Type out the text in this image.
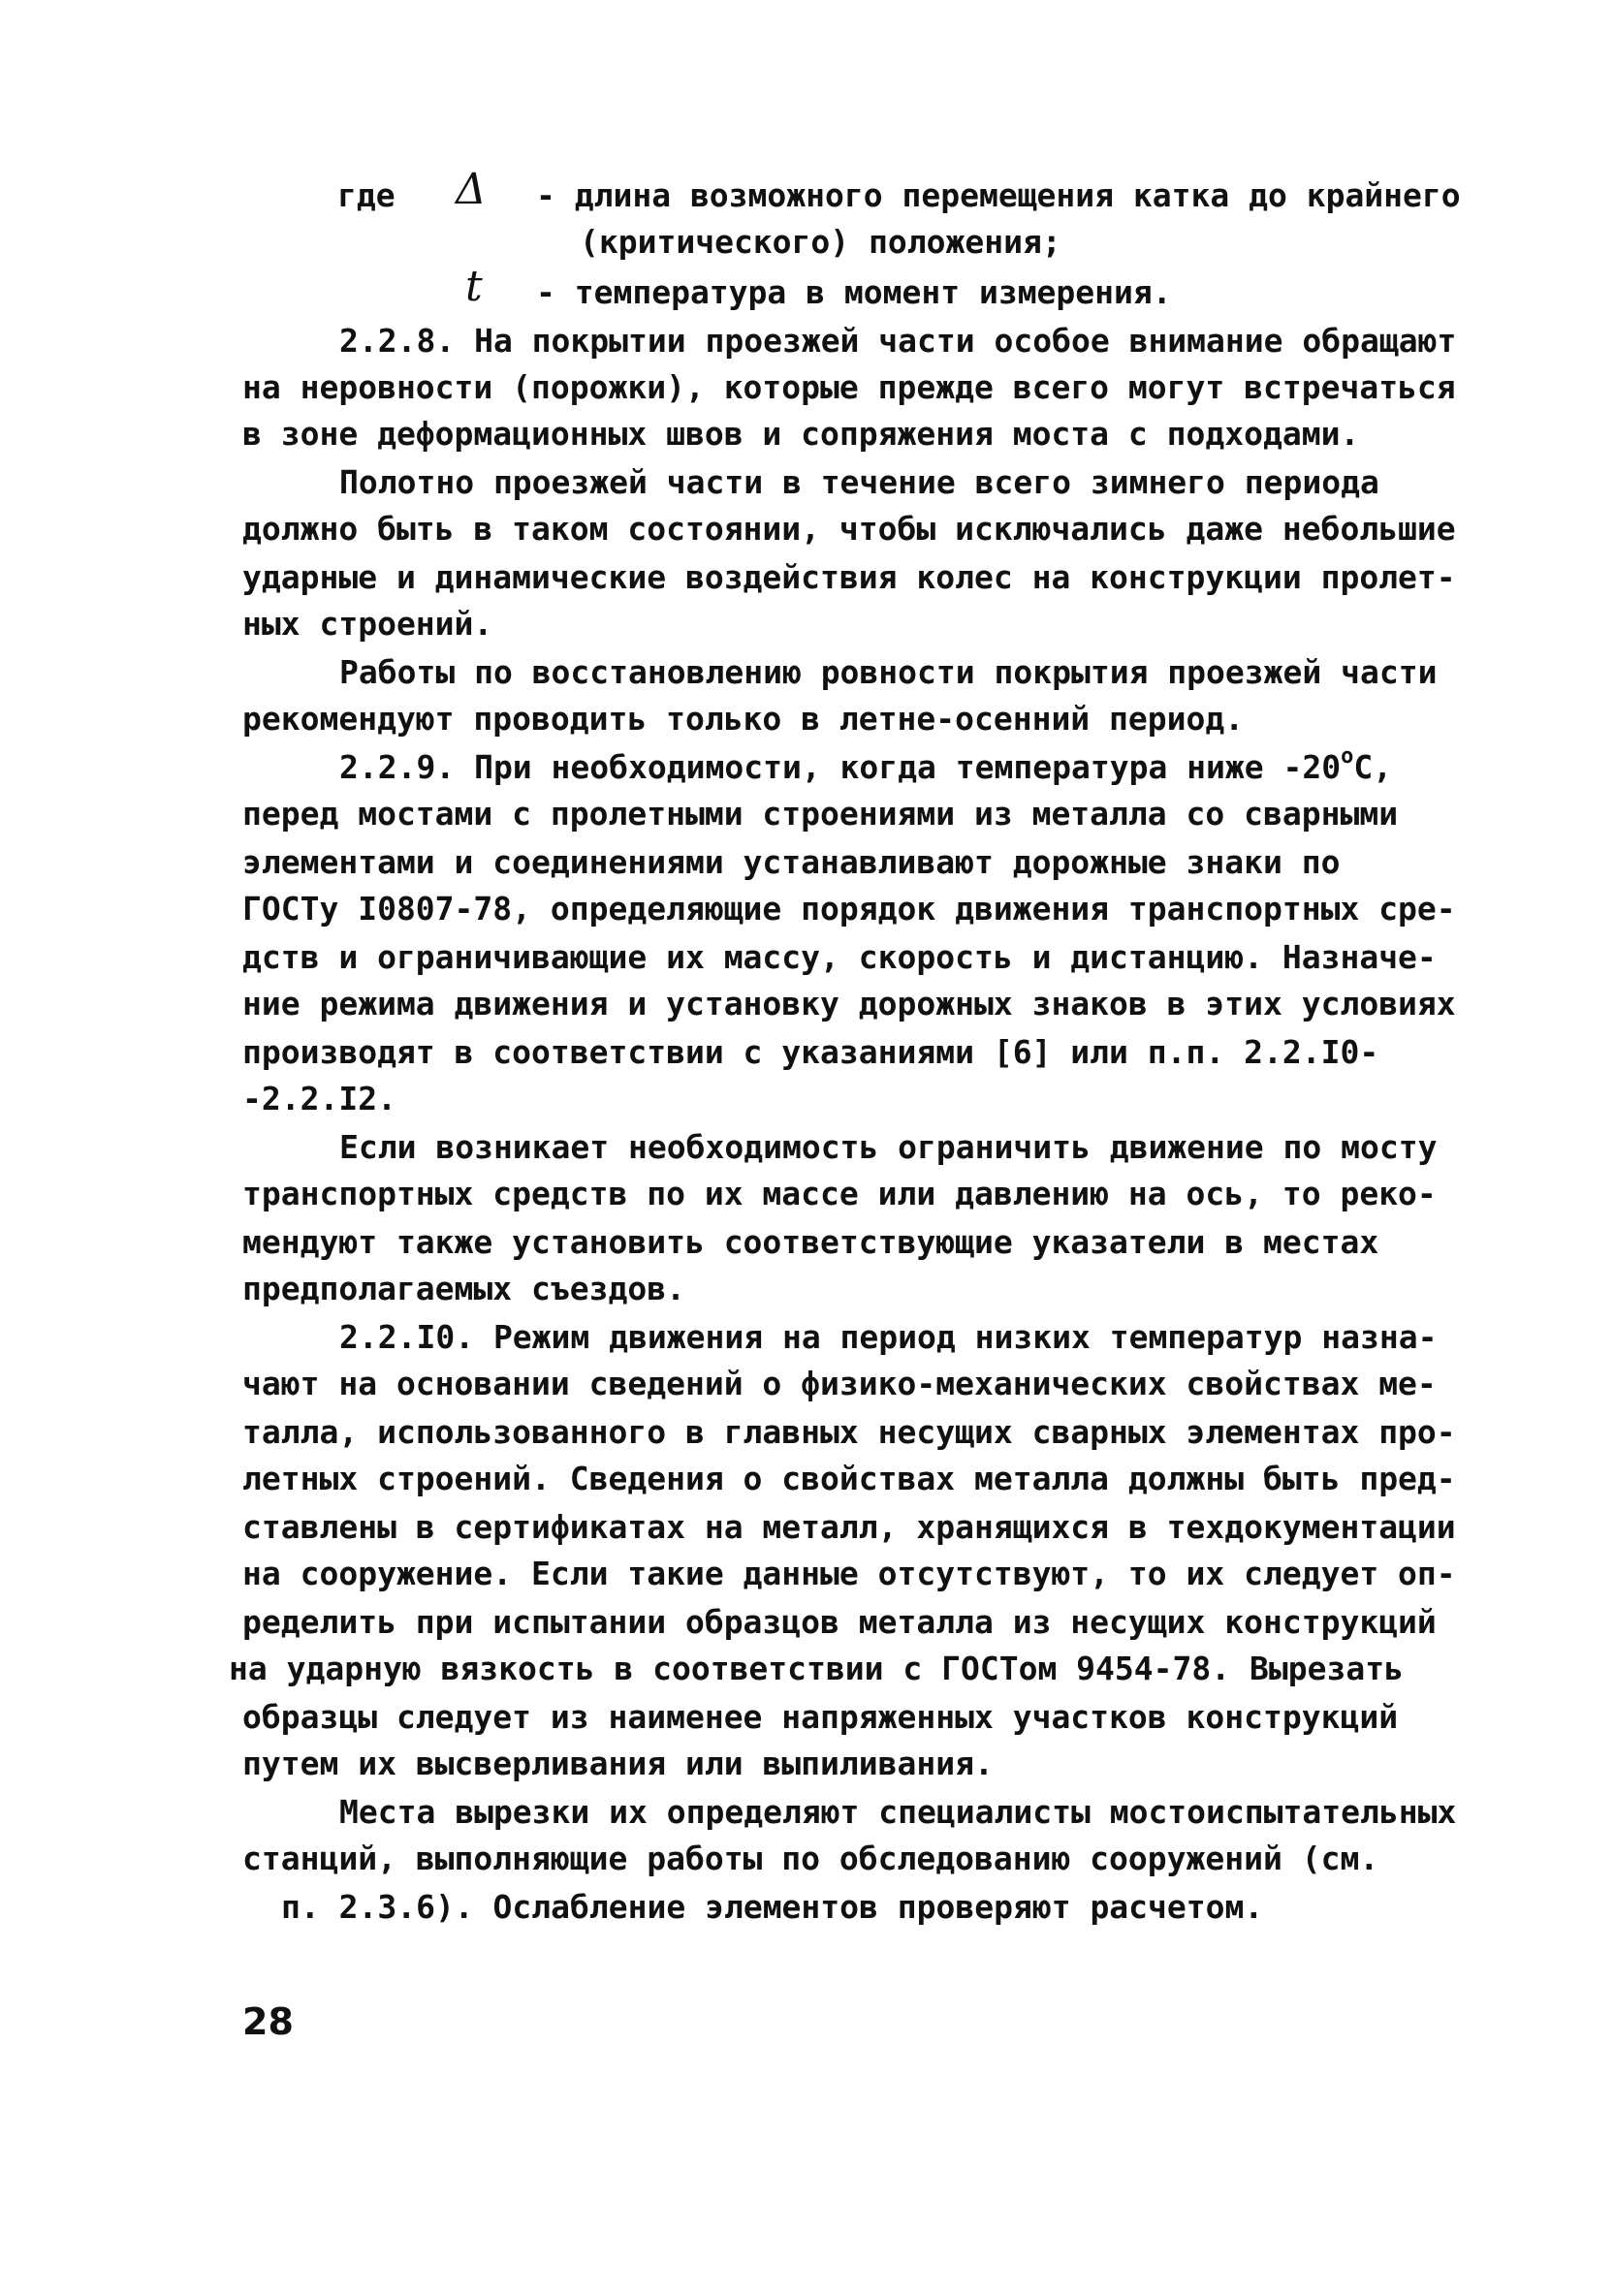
где Δ - длина возможного перемещения катка до крайнего
(критического) положения;
t - температура в момент измерения.
2.2.8. На покрытии проезжей части особое внимание обращают
на неровности (порожки), которые прежде всего могут встречаться
в зоне деформационных швов и сопряжения моста с подходами.
Полотно проезжей части в течение всего зимнего периода
должно быть в таком состоянии, чтобы исключались даже небольшие
ударные и динамические воздействия колес на конструкции пролет-
ных строений.
Работы по восстановлению ровности покрытия проезжей части
рекомендуют проводить только в летне-осенний период.
2.2.9. При необходимости, когда температура ниже $-20^оС$,
перед мостами с пролетными строениями из металла со сварными
элементами и соединениями устанавливают дорожные знаки по
ГОСТу I0807-78, определяющие порядок движения транспортных сре-
дств и ограничивающие их массу, скорость и дистанцию. Назначе-
ние режима движения и установку дорожных знаков в этих условиях
производят в соответствии с указаниями [6] или п.п. 2.2.I0-
-2.2.I2.
Если возникает необходимость ограничить движение по мосту
транспортных средств по их массе или давлению на ось, то реко-
мендуют также установить соответствующие указатели в местах
предполагаемых съездов.
2.2.I0. Режим движения на период низких температур назна-
чают на основании сведений о физико-механических свойствах ме-
талла, использованного в главных несущих сварных элементах про-
летных строений. Сведения о свойствах металла должны быть пред-
ставлены в сертификатах на металл, хранящихся в техдокументации
на сооружение. Если такие данные отсутствуют, то их следует оп-
ределить при испытании образцов металла из несущих конструкций
на ударную вязкость в соответствии с ГОСТом 9454-78. Вырезать
образцы следует из наименее напряженных участков конструкций
путем их высверливания или выпиливания.
Места вырезки их определяют специалисты мостоиспытательных
станций, выполняющие работы по обследованию сооружений (см.
п. 2.3.6). Ослабление элементов проверяют расчетом.
28
